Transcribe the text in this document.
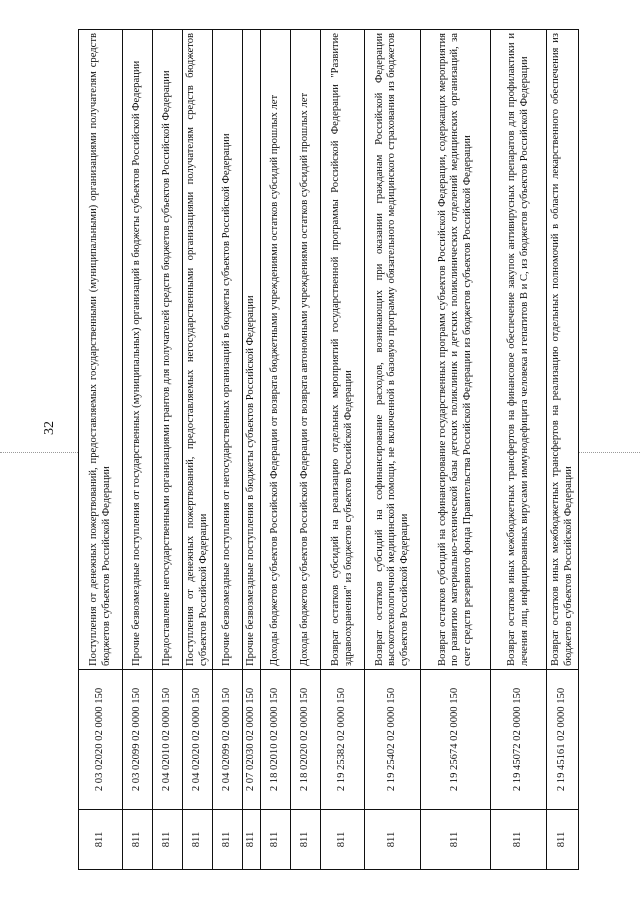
32
811	2 03 02020 02 0000 150	Поступления от денежных пожертвований, предоставляемых государственными (муниципальными) организациями получателям средств бюджетов субъектов Российской Федерации
811	2 03 02099 02 0000 150	Прочие безвозмездные поступления от государственных (муниципальных) организаций в бюджеты субъектов Российской Федерации
811	2 04 02010 02 0000 150	Предоставление негосударственными организациями грантов для получателей средств бюджетов субъектов Российской Федерации
811	2 04 02020 02 0000 150	Поступления от денежных пожертвований, предоставляемых негосударственными организациями получателям средств бюджетов субъектов Российской Федерации
811	2 04 02099 02 0000 150	Прочие безвозмездные поступления от негосударственных организаций в бюджеты субъектов Российской Федерации
811	2 07 02030 02 0000 150	Прочие безвозмездные поступления в бюджеты субъектов Российской Федерации
811	2 18 02010 02 0000 150	Доходы бюджетов субъектов Российской Федерации от возврата бюджетными учреждениями остатков субсидий прошлых лет
811	2 18 02020 02 0000 150	Доходы бюджетов субъектов Российской Федерации от возврата автономными учреждениями остатков субсидий прошлых лет
811	2 19 25382 02 0000 150	Возврат остатков субсидий на реализацию отдельных мероприятий государственной программы Российской Федерации "Развитие здравоохранения" из бюджетов субъектов Российской Федерации
811	2 19 25402 02 0000 150	Возврат остатков субсидий на софинансирование расходов, возникающих при оказании гражданам Российской Федерации высокотехнологичной медицинской помощи, не включенной в базовую программу обязательного медицинского страхования из бюджетов субъектов Российской Федерации
811	2 19 25674 02 0000 150	Возврат остатков субсидий на софинансирование государственных программ субъектов Российской Федерации, содержащих мероприятия по развитию материально-технической базы детских поликлиник и детских поликлинических отделений медицинских организаций, за счет средств резервного фонда Правительства Российской Федерации из бюджетов субъектов Российской Федерации
811	2 19 45072 02 0000 150	Возврат остатков иных межбюджетных трансфертов на финансовое обеспечение закупок антивирусных препаратов для профилактики и лечения лиц, инфицированных вирусами иммунодефицита человека и гепатитов В и С, из бюджетов субъектов Российской Федерации
811	2 19 45161 02 0000 150	Возврат остатков иных межбюджетных трансфертов на реализацию отдельных полномочий в области лекарственного обеспечения из бюджетов субъектов Российской Федерации
